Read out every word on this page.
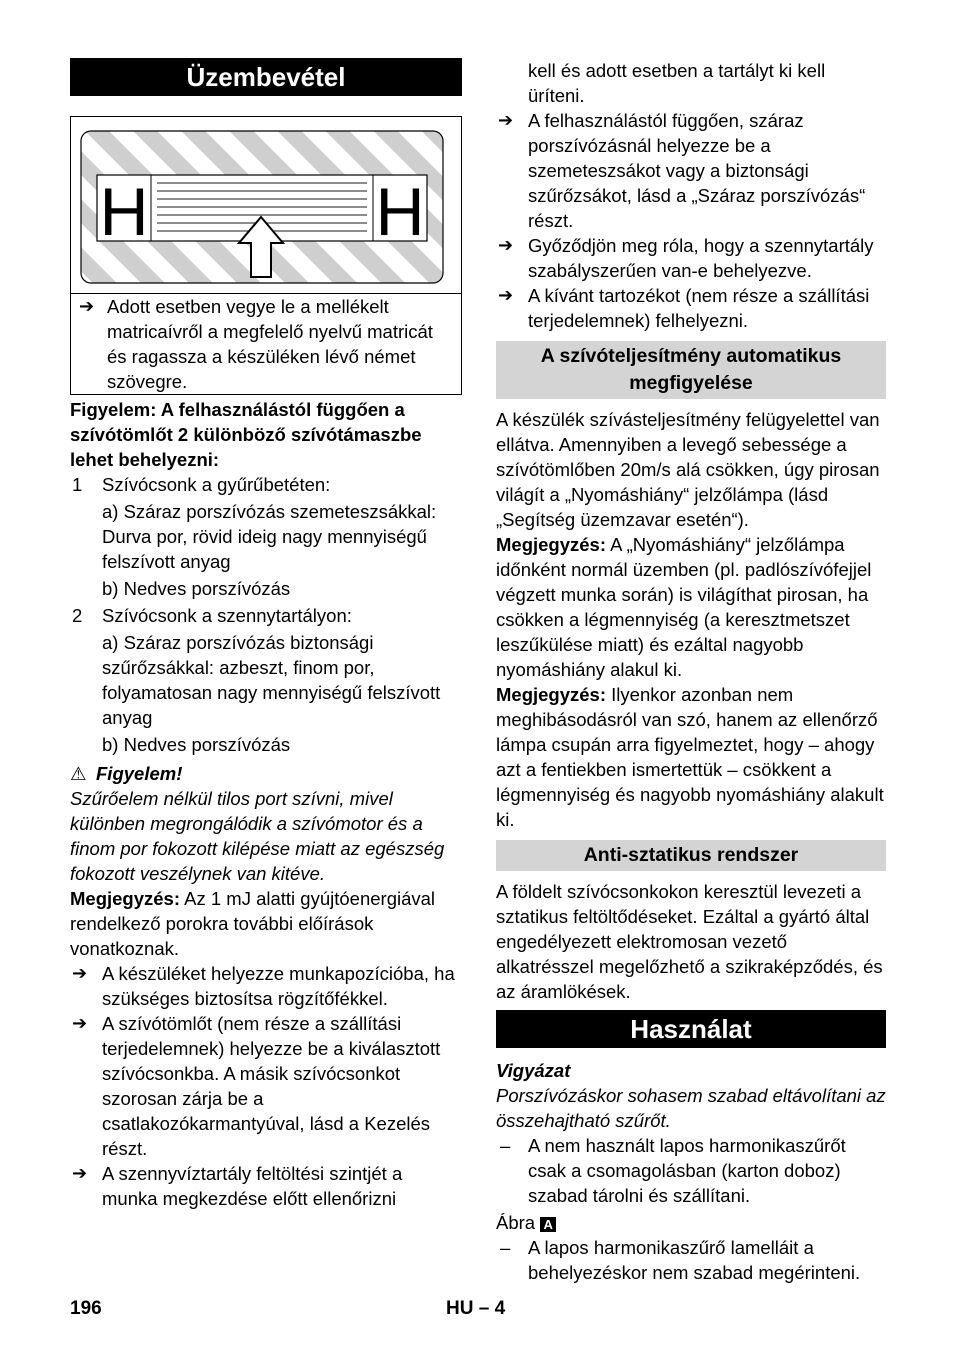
Üzembevétel
H	H
➔ Adott esetben vegye le a mellékelt matricaívről a megfelelő nyelvű matricát és ragassza a készüléken lévő német szövegre.

Figyelem: A felhasználástól függően a szívótömlőt 2 különböző szívótámaszbe lehet behelyezni:

1 Szívócsonk a gyűrűbetéten:

a) Száraz porszívózás szemeteszsákkal: Durva por, rövid ideig nagy mennyiségű felszívott anyag

b) Nedves porszívózás

2 Szívócsonk a szennytartályon:

a) Száraz porszívózás biztonsági szűrőzsákkal: azbeszt, finom por, folyamatosan nagy mennyiségű felszívott anyag

b) Nedves porszívózás

⚠ Figyelem!

Szűrőelem nélkül tilos port szívni, mivel különben megrongálódik a szívómotor és a finom por fokozott kilépése miatt az egészség fokozott veszélynek van kitéve.

Megjegyzés: Az 1 mJ alatti gyújtóenergiával rendelkező porokra további előírások vonatkoznak.

➔ A készüléket helyezze munkapozícióba, ha szükséges biztosítsa rögzítőfékkel.
➔ A szívótömlőt (nem része a szállítási terjedelemnek) helyezze be a kiválasztott szívócsonkba. A másik szívócsonkot szorosan zárja be a csatlakozókarmantyúval, lásd a Kezelés részt.
➔ A szennyvíztartály feltöltési szintjét a munka megkezdése előtt ellenőrizni

kell és adott esetben a tartályt ki kell üríteni.

➔ A felhasználástól függően, száraz porszívózásnál helyezze be a szemeteszsákot vagy a biztonsági szűrőzsákot, lásd a „Száraz porszívózás“ részt.
➔ Győződjön meg róla, hogy a szennytartály szabályszerűen van-e behelyezve.
➔ A kívánt tartozékot (nem része a szállítási terjedelemnek) felhelyezni.
A szívóteljesítmény automatikus megfigyelése

A készülék szívásteljesítmény felügyelettel van ellátva. Amennyiben a levegő sebessége a szívótömlőben 20m/s alá csökken, úgy pirosan világít a „Nyomáshiány“ jelzőlámpa (lásd „Segítség üzemzavar esetén“).

Megjegyzés: A „Nyomáshiány“ jelzőlámpa időnként normál üzemben (pl. padlószívófejjel végzett munka során) is világíthat pirosan, ha csökken a légmennyiség (a keresztmetszet leszűkülése miatt) és ezáltal nagyobb nyomáshiány alakul ki.

Megjegyzés: Ilyenkor azonban nem meghibásodásról van szó, hanem az ellenőrző lámpa csupán arra figyelmeztet, hogy – ahogy azt a fentiekben ismertettük – csökkent a légmennyiség és nagyobb nyomáshiány alakult ki.

Anti-sztatikus rendszer

A földelt szívócsonkokon keresztül levezeti a sztatikus feltöltődéseket. Ezáltal a gyártó által engedélyezett elektromosan vezető alkatrésszel megelőzhető a szikraképződés, és az áramlökések.

Használat

Vigyázat

Porszívózáskor sohasem szabad eltávolítani az összehajtható szűrőt.

– A nem használt lapos harmonikaszűrőt csak a csomagolásban (karton doboz) szabad tárolni és szállítani.

Ábra A

– A lapos harmonikaszűrő lamelláit a behelyezéskor nem szabad megérinteni.
196	HU – 4
